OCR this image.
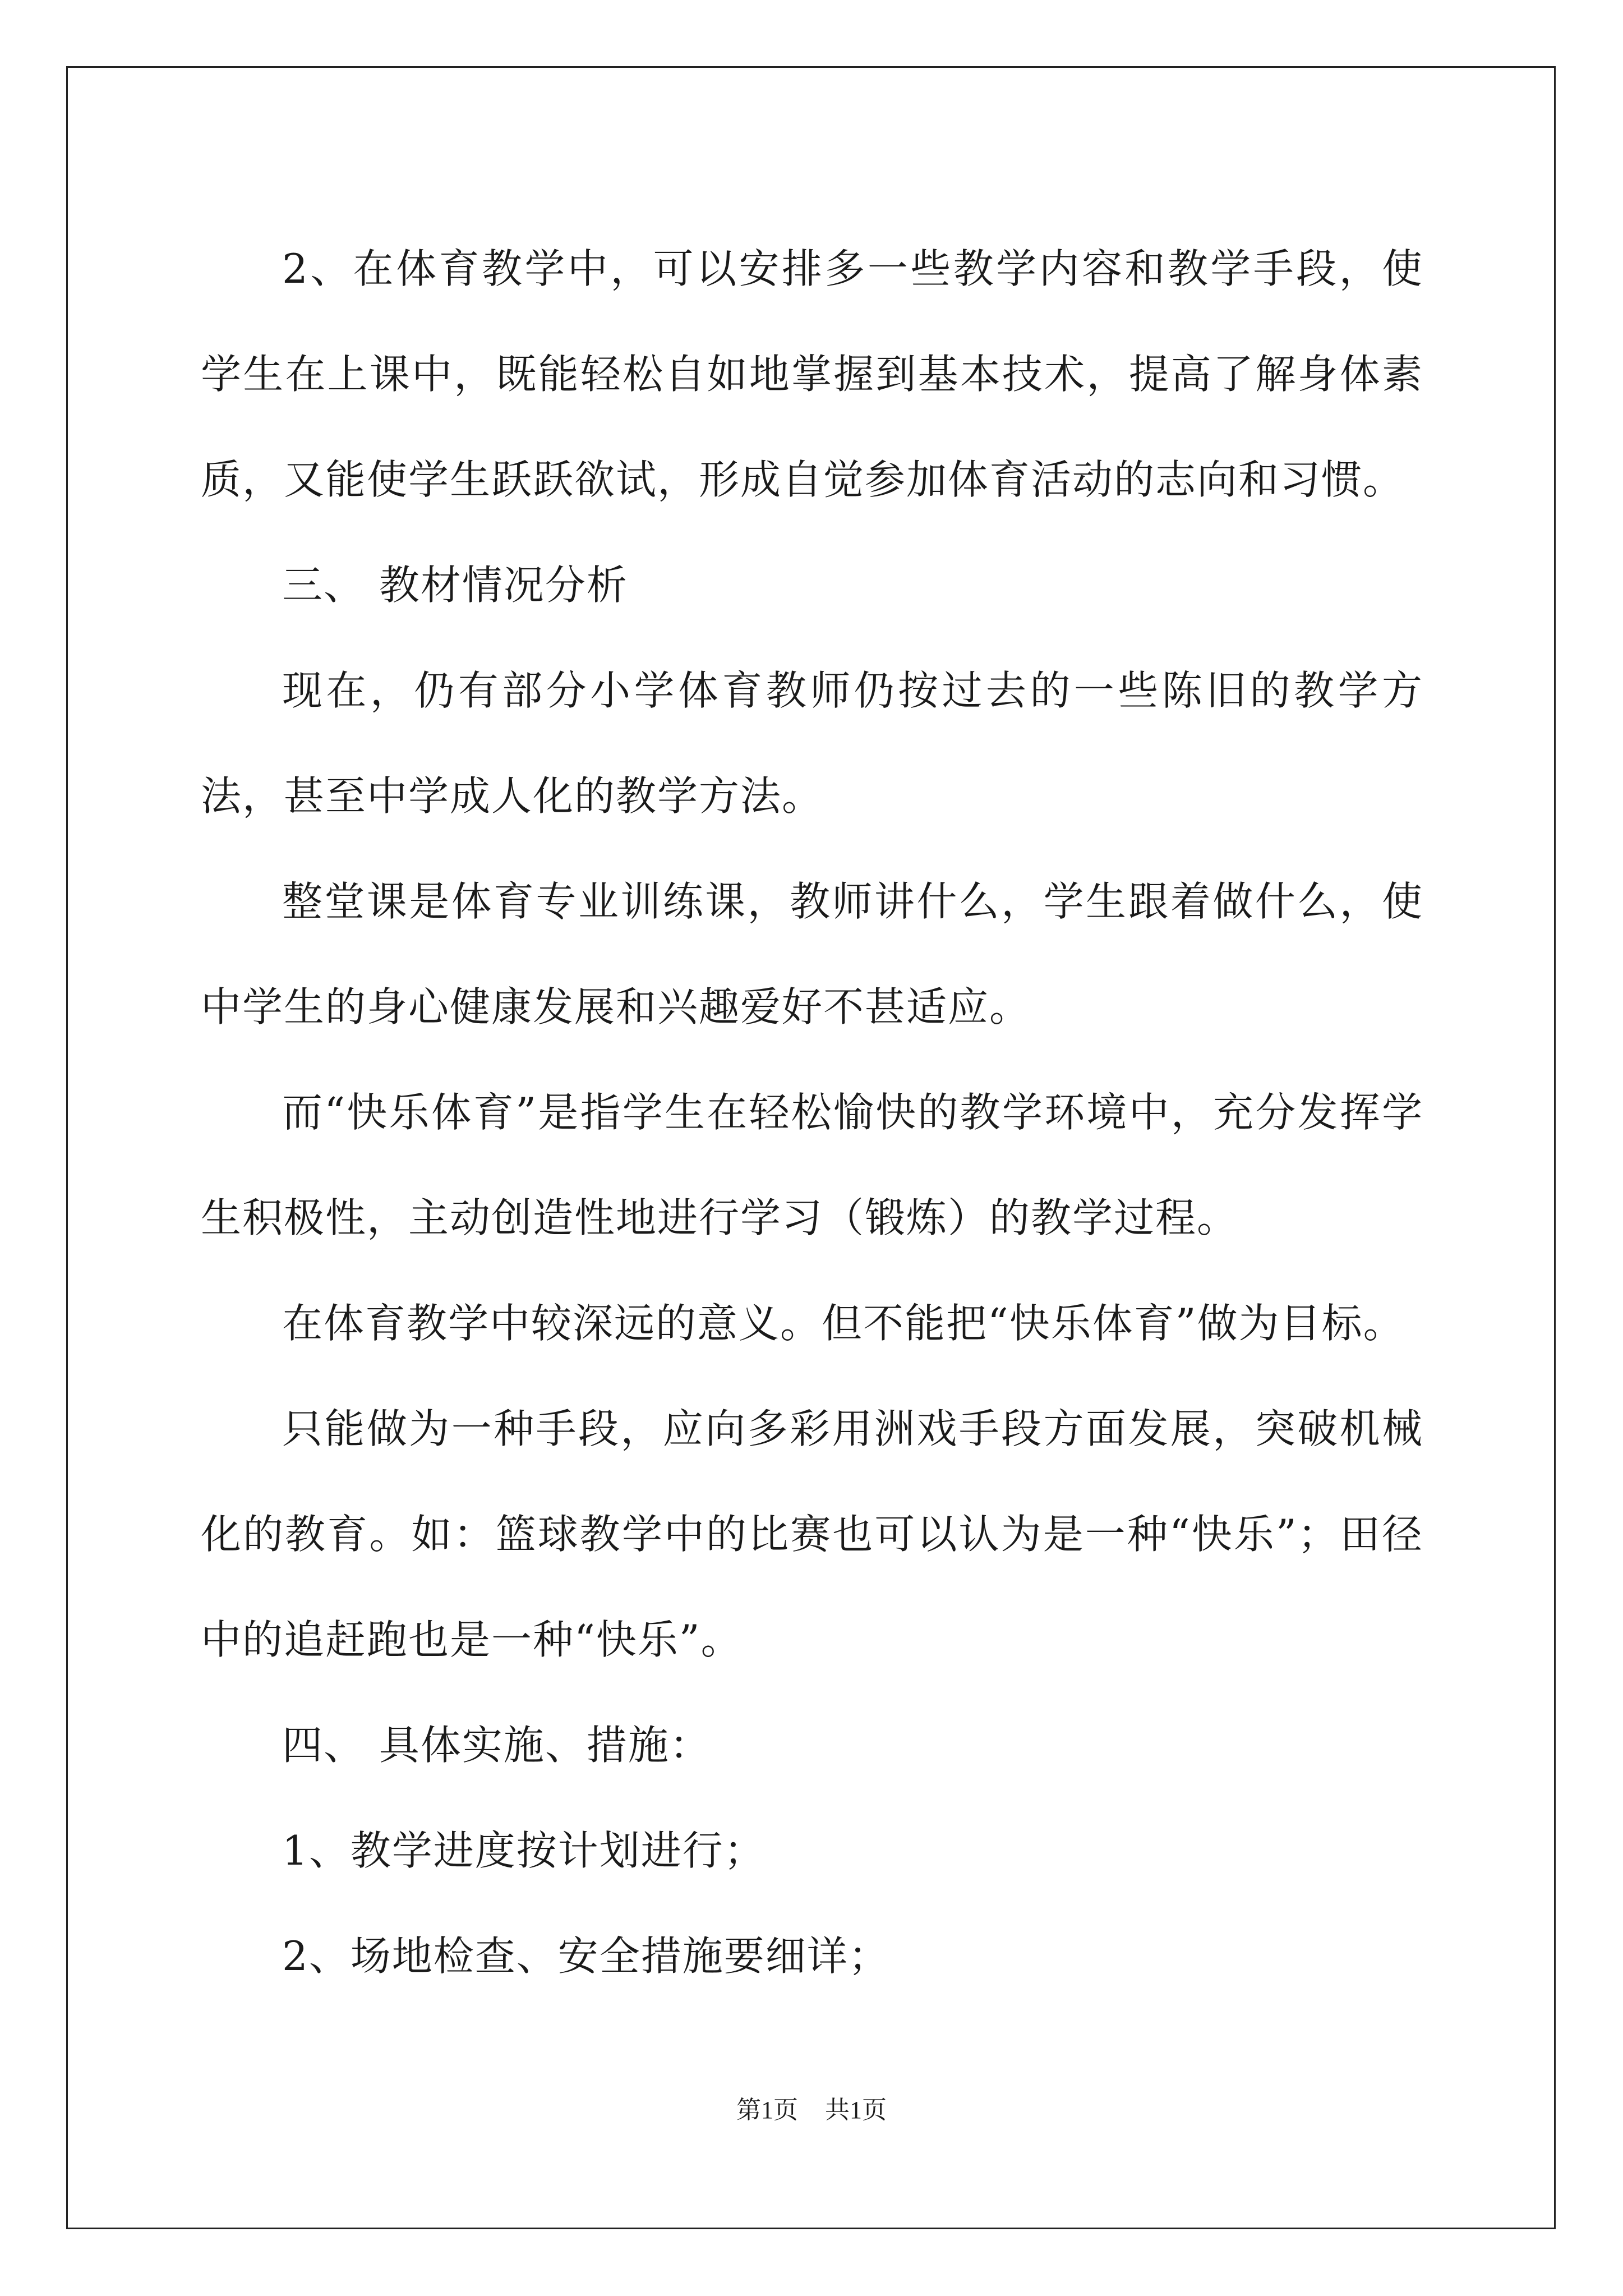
2、在体育教学中，可以安排多一些教学内容和教学手段，使学生在上课中，既能轻松自如地掌握到基本技术，提高了解身体素质，又能使学生跃跃欲试，形成自觉参加体育活动的志向和习惯。

三、 教材情况分析

现在，仍有部分小学体育教师仍按过去的一些陈旧的教学方法，甚至中学成人化的教学方法。

整堂课是体育专业训练课，教师讲什么，学生跟着做什么，使中学生的身心健康发展和兴趣爱好不甚适应。

而“快乐体育”是指学生在轻松愉快的教学环境中，充分发挥学生积极性，主动创造性地进行学习（锻炼）的教学过程。

在体育教学中较深远的意义。但不能把“快乐体育”做为目标。

只能做为一种手段，应向多彩用洲戏手段方面发展，突破机械化的教育。如：篮球教学中的比赛也可以认为是一种“快乐”；田径中的追赶跑也是一种“快乐”。

四、 具体实施、措施：

1、教学进度按计划进行；

2、场地检查、安全措施要细详；

第1页 共1页
